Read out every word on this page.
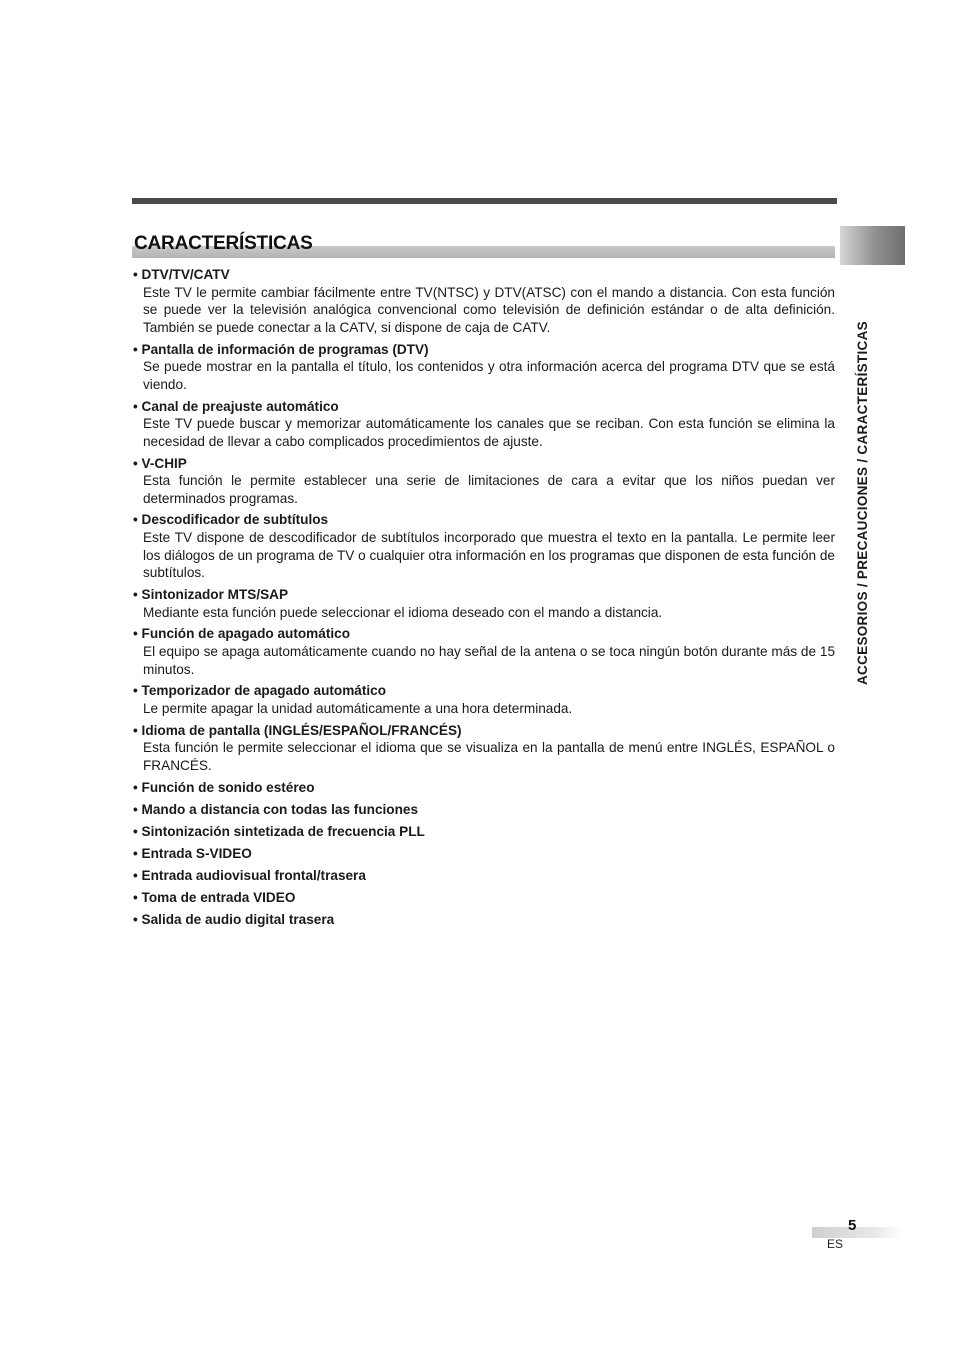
CARACTERÍSTICAS
ACCESORIOS / PRECAUCIONES / CARACTERÍSTICAS
• DTV/TV/CATV
Este TV le permite cambiar fácilmente entre TV(NTSC) y DTV(ATSC) con el mando a distancia. Con esta función se puede ver la televisión analógica convencional como televisión de definición estándar o de alta definición. También se puede conectar a la CATV, si dispone de caja de CATV.
• Pantalla de información de programas (DTV)
Se puede mostrar en la pantalla el título, los contenidos y otra información acerca del programa DTV que se está viendo.
• Canal de preajuste automático
Este TV puede buscar y memorizar automáticamente los canales que se reciban. Con esta función se elimina la necesidad de llevar a cabo complicados procedimientos de ajuste.
• V-CHIP
Esta función le permite establecer una serie de limitaciones de cara a evitar que los niños puedan ver determinados programas.
• Descodificador de subtítulos
Este TV dispone de descodificador de subtítulos incorporado que muestra el texto en la pantalla. Le permite leer los diálogos de un programa de TV o cualquier otra información en los programas que disponen de esta función de subtítulos.
• Sintonizador MTS/SAP
Mediante esta función puede seleccionar el idioma deseado con el mando a distancia.
• Función de apagado automático
El equipo se apaga automáticamente cuando no hay señal de la antena o se toca ningún botón durante más de 15 minutos.
• Temporizador de apagado automático
Le permite apagar la unidad automáticamente a una hora determinada.
• Idioma de pantalla (INGLÉS/ESPAÑOL/FRANCÉS)
Esta función le permite seleccionar el idioma que se visualiza en la pantalla de menú entre INGLÉS, ESPAÑOL o FRANCÉS.
• Función de sonido estéreo
• Mando a distancia con todas las funciones
• Sintonización sintetizada de frecuencia PLL
• Entrada S-VIDEO
• Entrada audiovisual frontal/trasera
• Toma de entrada VIDEO
• Salida de audio digital trasera
5
ES
